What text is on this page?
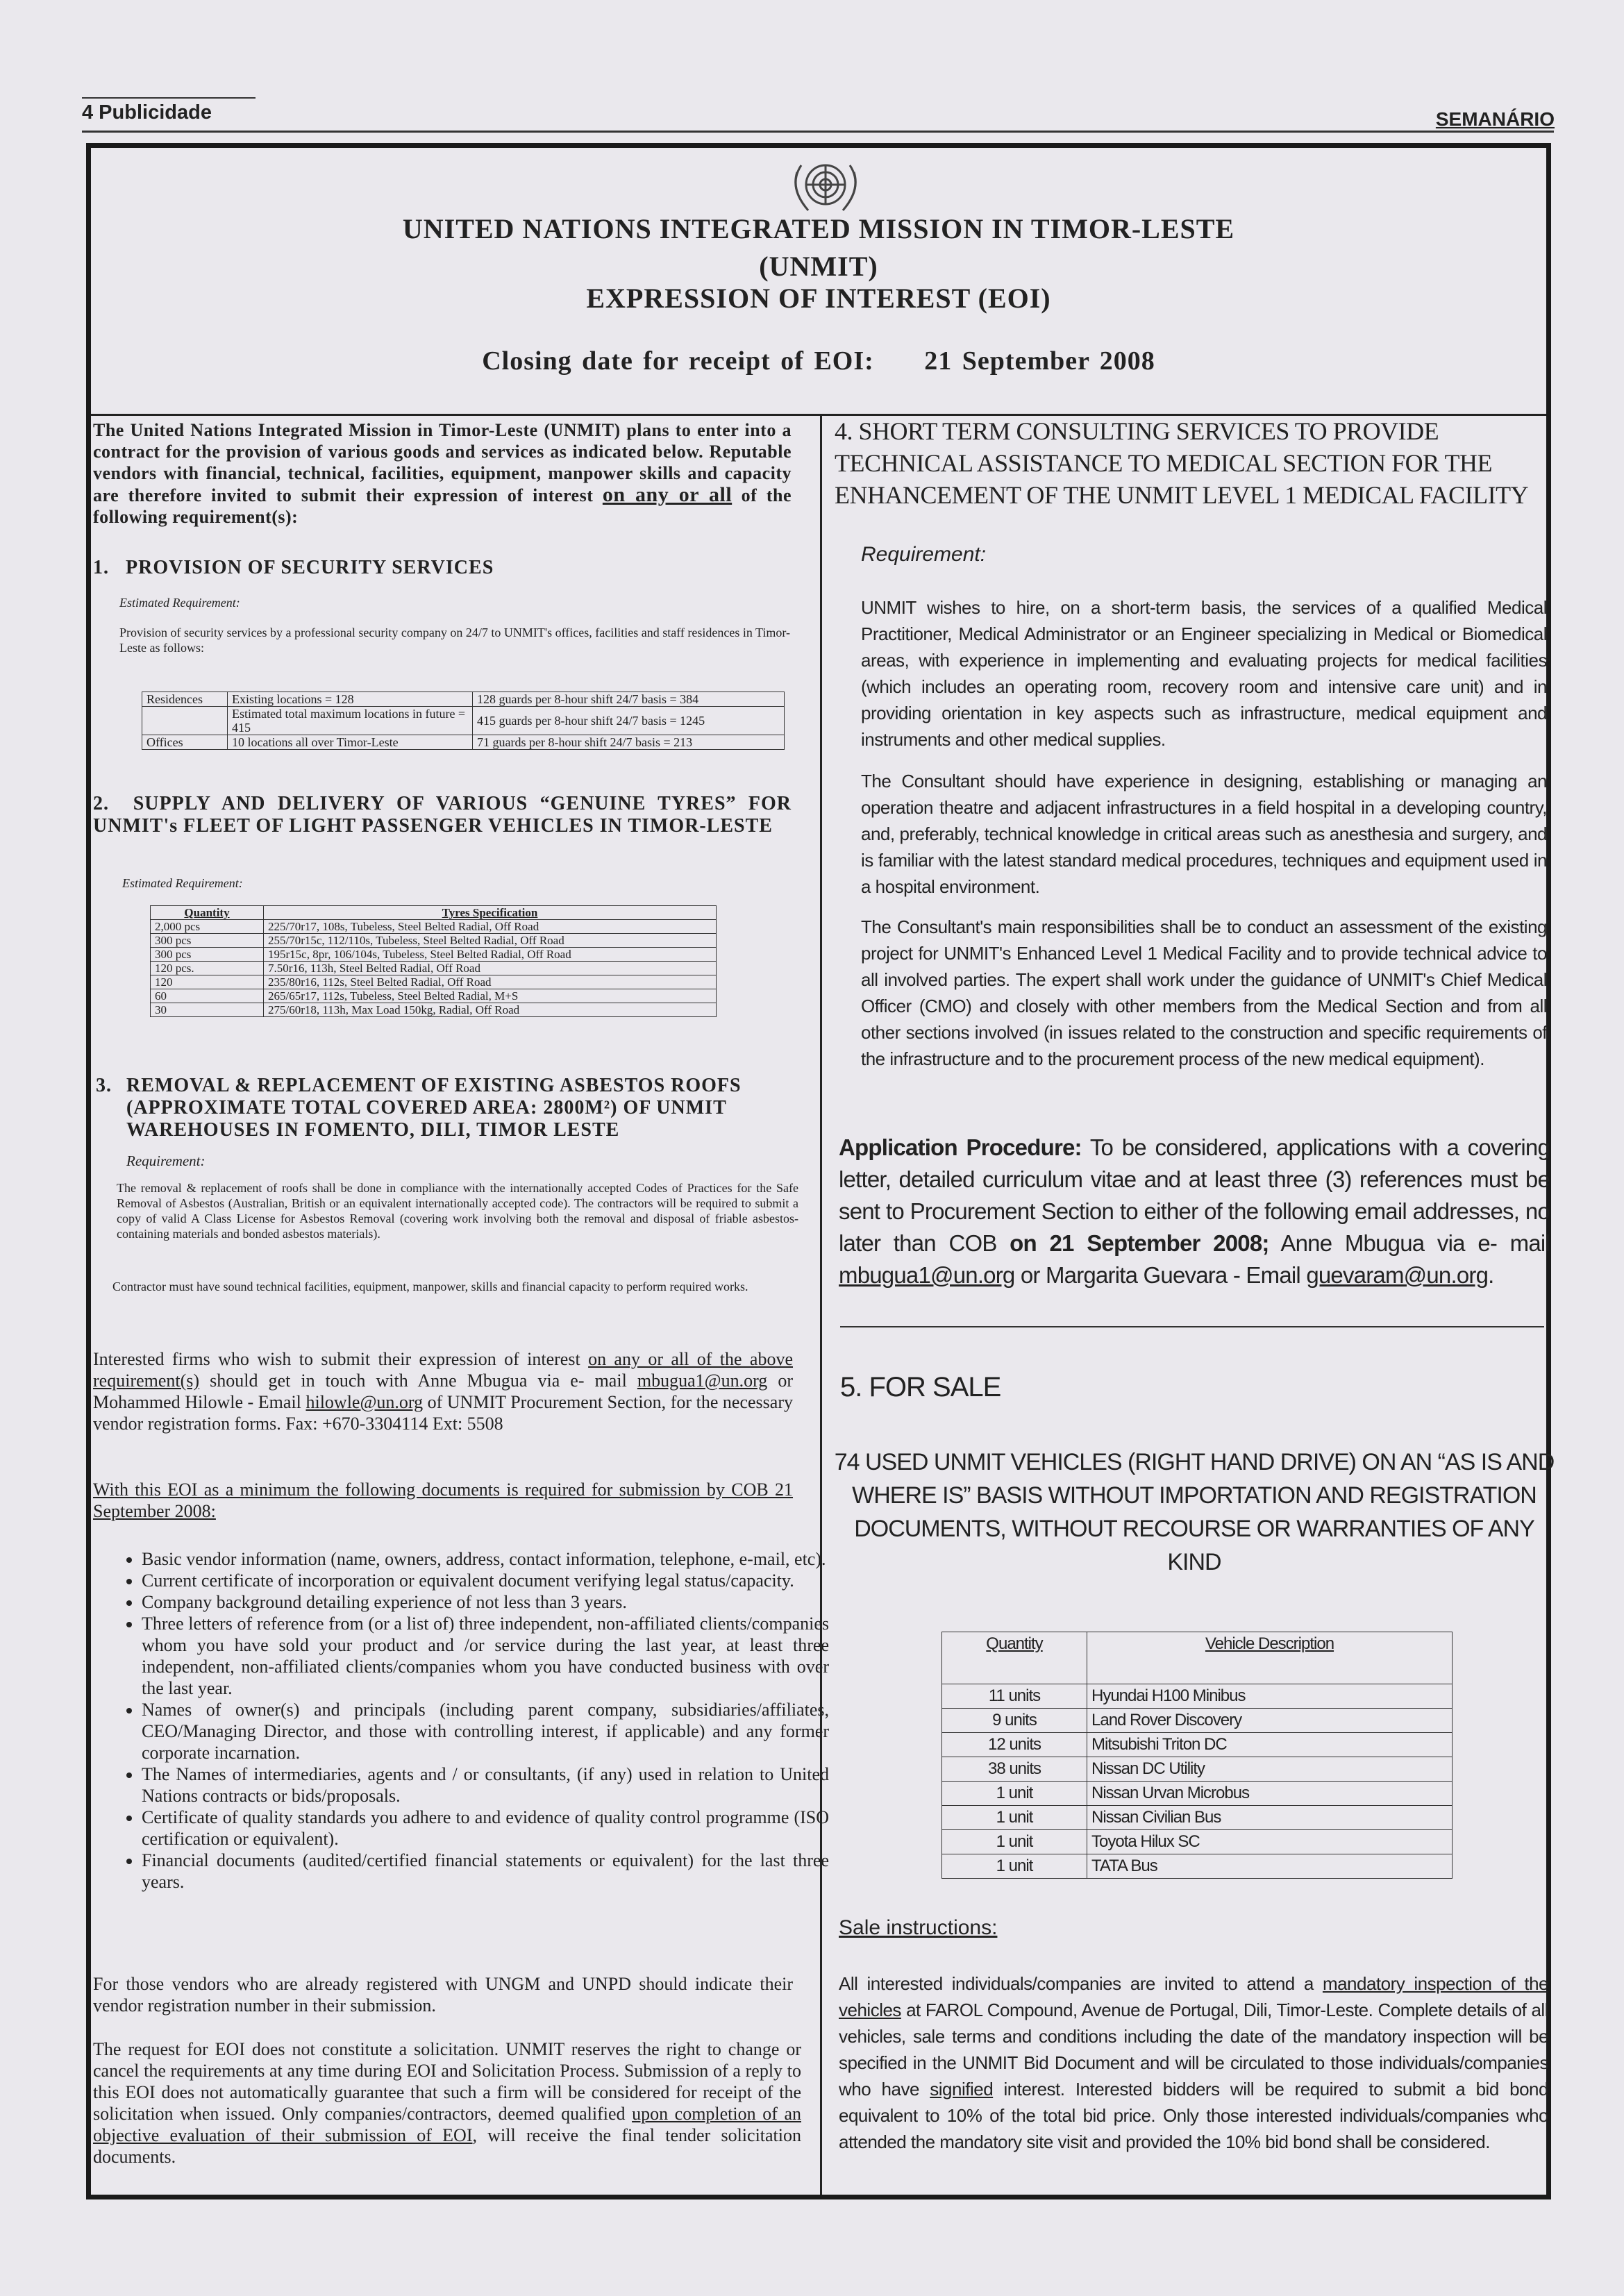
4 Publicidade	SEMANÁRIO
UNITED NATIONS INTEGRATED MISSION IN TIMOR-LESTE
(UNMIT)
EXPRESSION OF INTEREST (EOI)
Closing date for receipt of EOI: 21 September 2008
The United Nations Integrated Mission in Timor-Leste (UNMIT) plans to enter into a contract for the provision of various goods and services as indicated below. Reputable vendors with financial, technical, facilities, equipment, manpower skills and capacity are therefore invited to submit their expression of interest on any or all of the following requirement(s):
1. PROVISION OF SECURITY SERVICES
Estimated Requirement:
Provision of security services by a professional security company on 24/7 to UNMIT's offices, facilities and staff residences in Timor-Leste as follows:
Residences	Existing locations = 128	128 guards per 8-hour shift 24/7 basis = 384
	Estimated total maximum locations in future = 415	415 guards per 8-hour shift 24/7 basis = 1245
Offices	10 locations all over Timor-Leste	71 guards per 8-hour shift 24/7 basis = 213
2. SUPPLY AND DELIVERY OF VARIOUS “GENUINE TYRES” FOR UNMIT's FLEET OF LIGHT PASSENGER VEHICLES IN TIMOR-LESTE
Estimated Requirement:
Quantity	Tyres Specification
2,000 pcs	225/70r17, 108s, Tubeless, Steel Belted Radial, Off Road
300 pcs	255/70r15c, 112/110s, Tubeless, Steel Belted Radial, Off Road
300 pcs	195r15c, 8pr, 106/104s, Tubeless, Steel Belted Radial, Off Road
120 pcs.	7.50r16, 113h, Steel Belted Radial, Off Road
120	235/80r16, 112s, Steel Belted Radial, Off Road
60	265/65r17, 112s, Tubeless, Steel Belted Radial, M+S
30	275/60r18, 113h, Max Load 150kg, Radial, Off Road
3. REMOVAL & REPLACEMENT OF EXISTING ASBESTOS ROOFS (APPROXIMATE TOTAL COVERED AREA: 2800M²) OF UNMIT WAREHOUSES IN FOMENTO, DILI, TIMOR LESTE
Requirement:
The removal & replacement of roofs shall be done in compliance with the internationally accepted Codes of Practices for the Safe Removal of Asbestos (Australian, British or an equivalent internationally accepted code). The contractors will be required to submit a copy of valid A Class License for Asbestos Removal (covering work involving both the removal and disposal of friable asbestos-containing materials and bonded asbestos materials).
Contractor must have sound technical facilities, equipment, manpower, skills and financial capacity to perform required works.
Interested firms who wish to submit their expression of interest on any or all of the above requirement(s) should get in touch with Anne Mbugua via e- mail mbugua1@un.org or Mohammed Hilowle - Email hilowle@un.org of UNMIT Procurement Section, for the necessary vendor registration forms. Fax: +670-3304114 Ext: 5508
With this EOI as a minimum the following documents is required for submission by COB 21 September 2008:
• Basic vendor information (name, owners, address, contact information, telephone, e-mail, etc).
• Current certificate of incorporation or equivalent document verifying legal status/capacity.
• Company background detailing experience of not less than 3 years.
• Three letters of reference from (or a list of) three independent, non-affiliated clients/companies whom you have sold your product and /or service during the last year, at least three independent, non-affiliated clients/companies whom you have conducted business with over the last year.
• Names of owner(s) and principals (including parent company, subsidiaries/affiliates, CEO/Managing Director, and those with controlling interest, if applicable) and any former corporate incarnation.
• The Names of intermediaries, agents and / or consultants, (if any) used in relation to United Nations contracts or bids/proposals.
• Certificate of quality standards you adhere to and evidence of quality control programme (ISO certification or equivalent).
• Financial documents (audited/certified financial statements or equivalent) for the last three years.
For those vendors who are already registered with UNGM and UNPD should indicate their vendor registration number in their submission.
The request for EOI does not constitute a solicitation. UNMIT reserves the right to change or cancel the requirements at any time during EOI and Solicitation Process. Submission of a reply to this EOI does not automatically guarantee that such a firm will be considered for receipt of the solicitation when issued. Only companies/contractors, deemed qualified upon completion of an objective evaluation of their submission of EOI, will receive the final tender solicitation documents.
4. SHORT TERM CONSULTING SERVICES TO PROVIDE TECHNICAL ASSISTANCE TO MEDICAL SECTION FOR THE ENHANCEMENT OF THE UNMIT LEVEL 1 MEDICAL FACILITY
Requirement:
UNMIT wishes to hire, on a short-term basis, the services of a qualified Medical Practitioner, Medical Administrator or an Engineer specializing in Medical or Biomedical areas, with experience in implementing and evaluating projects for medical facilities (which includes an operating room, recovery room and intensive care unit) and in providing orientation in key aspects such as infrastructure, medical equipment and instruments and other medical supplies.
The Consultant should have experience in designing, establishing or managing an operation theatre and adjacent infrastructures in a field hospital in a developing country, and, preferably, technical knowledge in critical areas such as anesthesia and surgery, and is familiar with the latest standard medical procedures, techniques and equipment used in a hospital environment.
The Consultant's main responsibilities shall be to conduct an assessment of the existing project for UNMIT's Enhanced Level 1 Medical Facility and to provide technical advice to all involved parties. The expert shall work under the guidance of UNMIT's Chief Medical Officer (CMO) and closely with other members from the Medical Section and from all other sections involved (in issues related to the construction and specific requirements of the infrastructure and to the procurement process of the new medical equipment).
Application Procedure: To be considered, applications with a covering letter, detailed curriculum vitae and at least three (3) references must be sent to Procurement Section to either of the following email addresses, no later than COB on 21 September 2008; Anne Mbugua via e- mail mbugua1@un.org or Margarita Guevara - Email guevaram@un.org.
5. FOR SALE
74 USED UNMIT VEHICLES (RIGHT HAND DRIVE) ON AN “AS IS AND WHERE IS” BASIS WITHOUT IMPORTATION AND REGISTRATION DOCUMENTS, WITHOUT RECOURSE OR WARRANTIES OF ANY KIND
Quantity	Vehicle Description
11 units	Hyundai H100 Minibus
9 units	Land Rover Discovery
12 units	Mitsubishi Triton DC
38 units	Nissan DC Utility
1 unit	Nissan Urvan Microbus
1 unit	Nissan Civilian Bus
1 unit	Toyota Hilux SC
1 unit	TATA Bus
Sale instructions:
All interested individuals/companies are invited to attend a mandatory inspection of the vehicles at FAROL Compound, Avenue de Portugal, Dili, Timor-Leste. Complete details of all vehicles, sale terms and conditions including the date of the mandatory inspection will be specified in the UNMIT Bid Document and will be circulated to those individuals/companies who have signified interest. Interested bidders will be required to submit a bid bond equivalent to 10% of the total bid price. Only those interested individuals/companies who attended the mandatory site visit and provided the 10% bid bond shall be considered.
